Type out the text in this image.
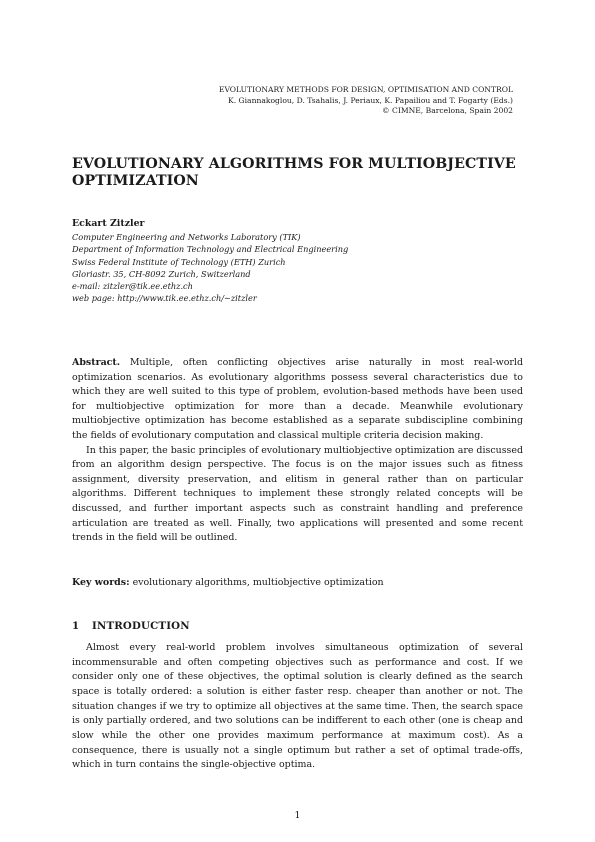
EVOLUTIONARY METHODS FOR DESIGN, OPTIMISATION AND CONTROL
K. Giannakoglou, D. Tsahalis, J. Periaux, K. Papailiou and T. Fogarty (Eds.)
© CIMNE, Barcelona, Spain 2002
EVOLUTIONARY ALGORITHMS FOR MULTIOBJECTIVE OPTIMIZATION
Eckart Zitzler
Computer Engineering and Networks Laboratory (TIK)
Department of Information Technology and Electrical Engineering
Swiss Federal Institute of Technology (ETH) Zurich
Gloriastr. 35, CH-8092 Zurich, Switzerland
e-mail: zitzler@tik.ee.ethz.ch
web page: http://www.tik.ee.ethz.ch/∼zitzler

Abstract. Multiple, often conflicting objectives arise naturally in most real-world optimization scenarios. As evolutionary algorithms possess several characteristics due to which they are well suited to this type of problem, evolution-based methods have been used for multiobjective optimization for more than a decade. Meanwhile evolutionary multiobjective optimization has become established as a separate subdiscipline combining the fields of evolutionary computation and classical multiple criteria decision making.

In this paper, the basic principles of evolutionary multiobjective optimization are discussed from an algorithm design perspective. The focus is on the major issues such as fitness assignment, diversity preservation, and elitism in general rather than on particular algorithms. Different techniques to implement these strongly related concepts will be discussed, and further important aspects such as constraint handling and preference articulation are treated as well. Finally, two applications will presented and some recent trends in the field will be outlined.

Key words: evolutionary algorithms, multiobjective optimization
1 INTRODUCTION

Almost every real-world problem involves simultaneous optimization of several incommensurable and often competing objectives such as performance and cost. If we consider only one of these objectives, the optimal solution is clearly defined as the search space is totally ordered: a solution is either faster resp. cheaper than another or not. The situation changes if we try to optimize all objectives at the same time. Then, the search space is only partially ordered, and two solutions can be indifferent to each other (one is cheap and slow while the other one provides maximum performance at maximum cost). As a consequence, there is usually not a single optimum but rather a set of optimal trade-offs, which in turn contains the single-objective optima.

1
